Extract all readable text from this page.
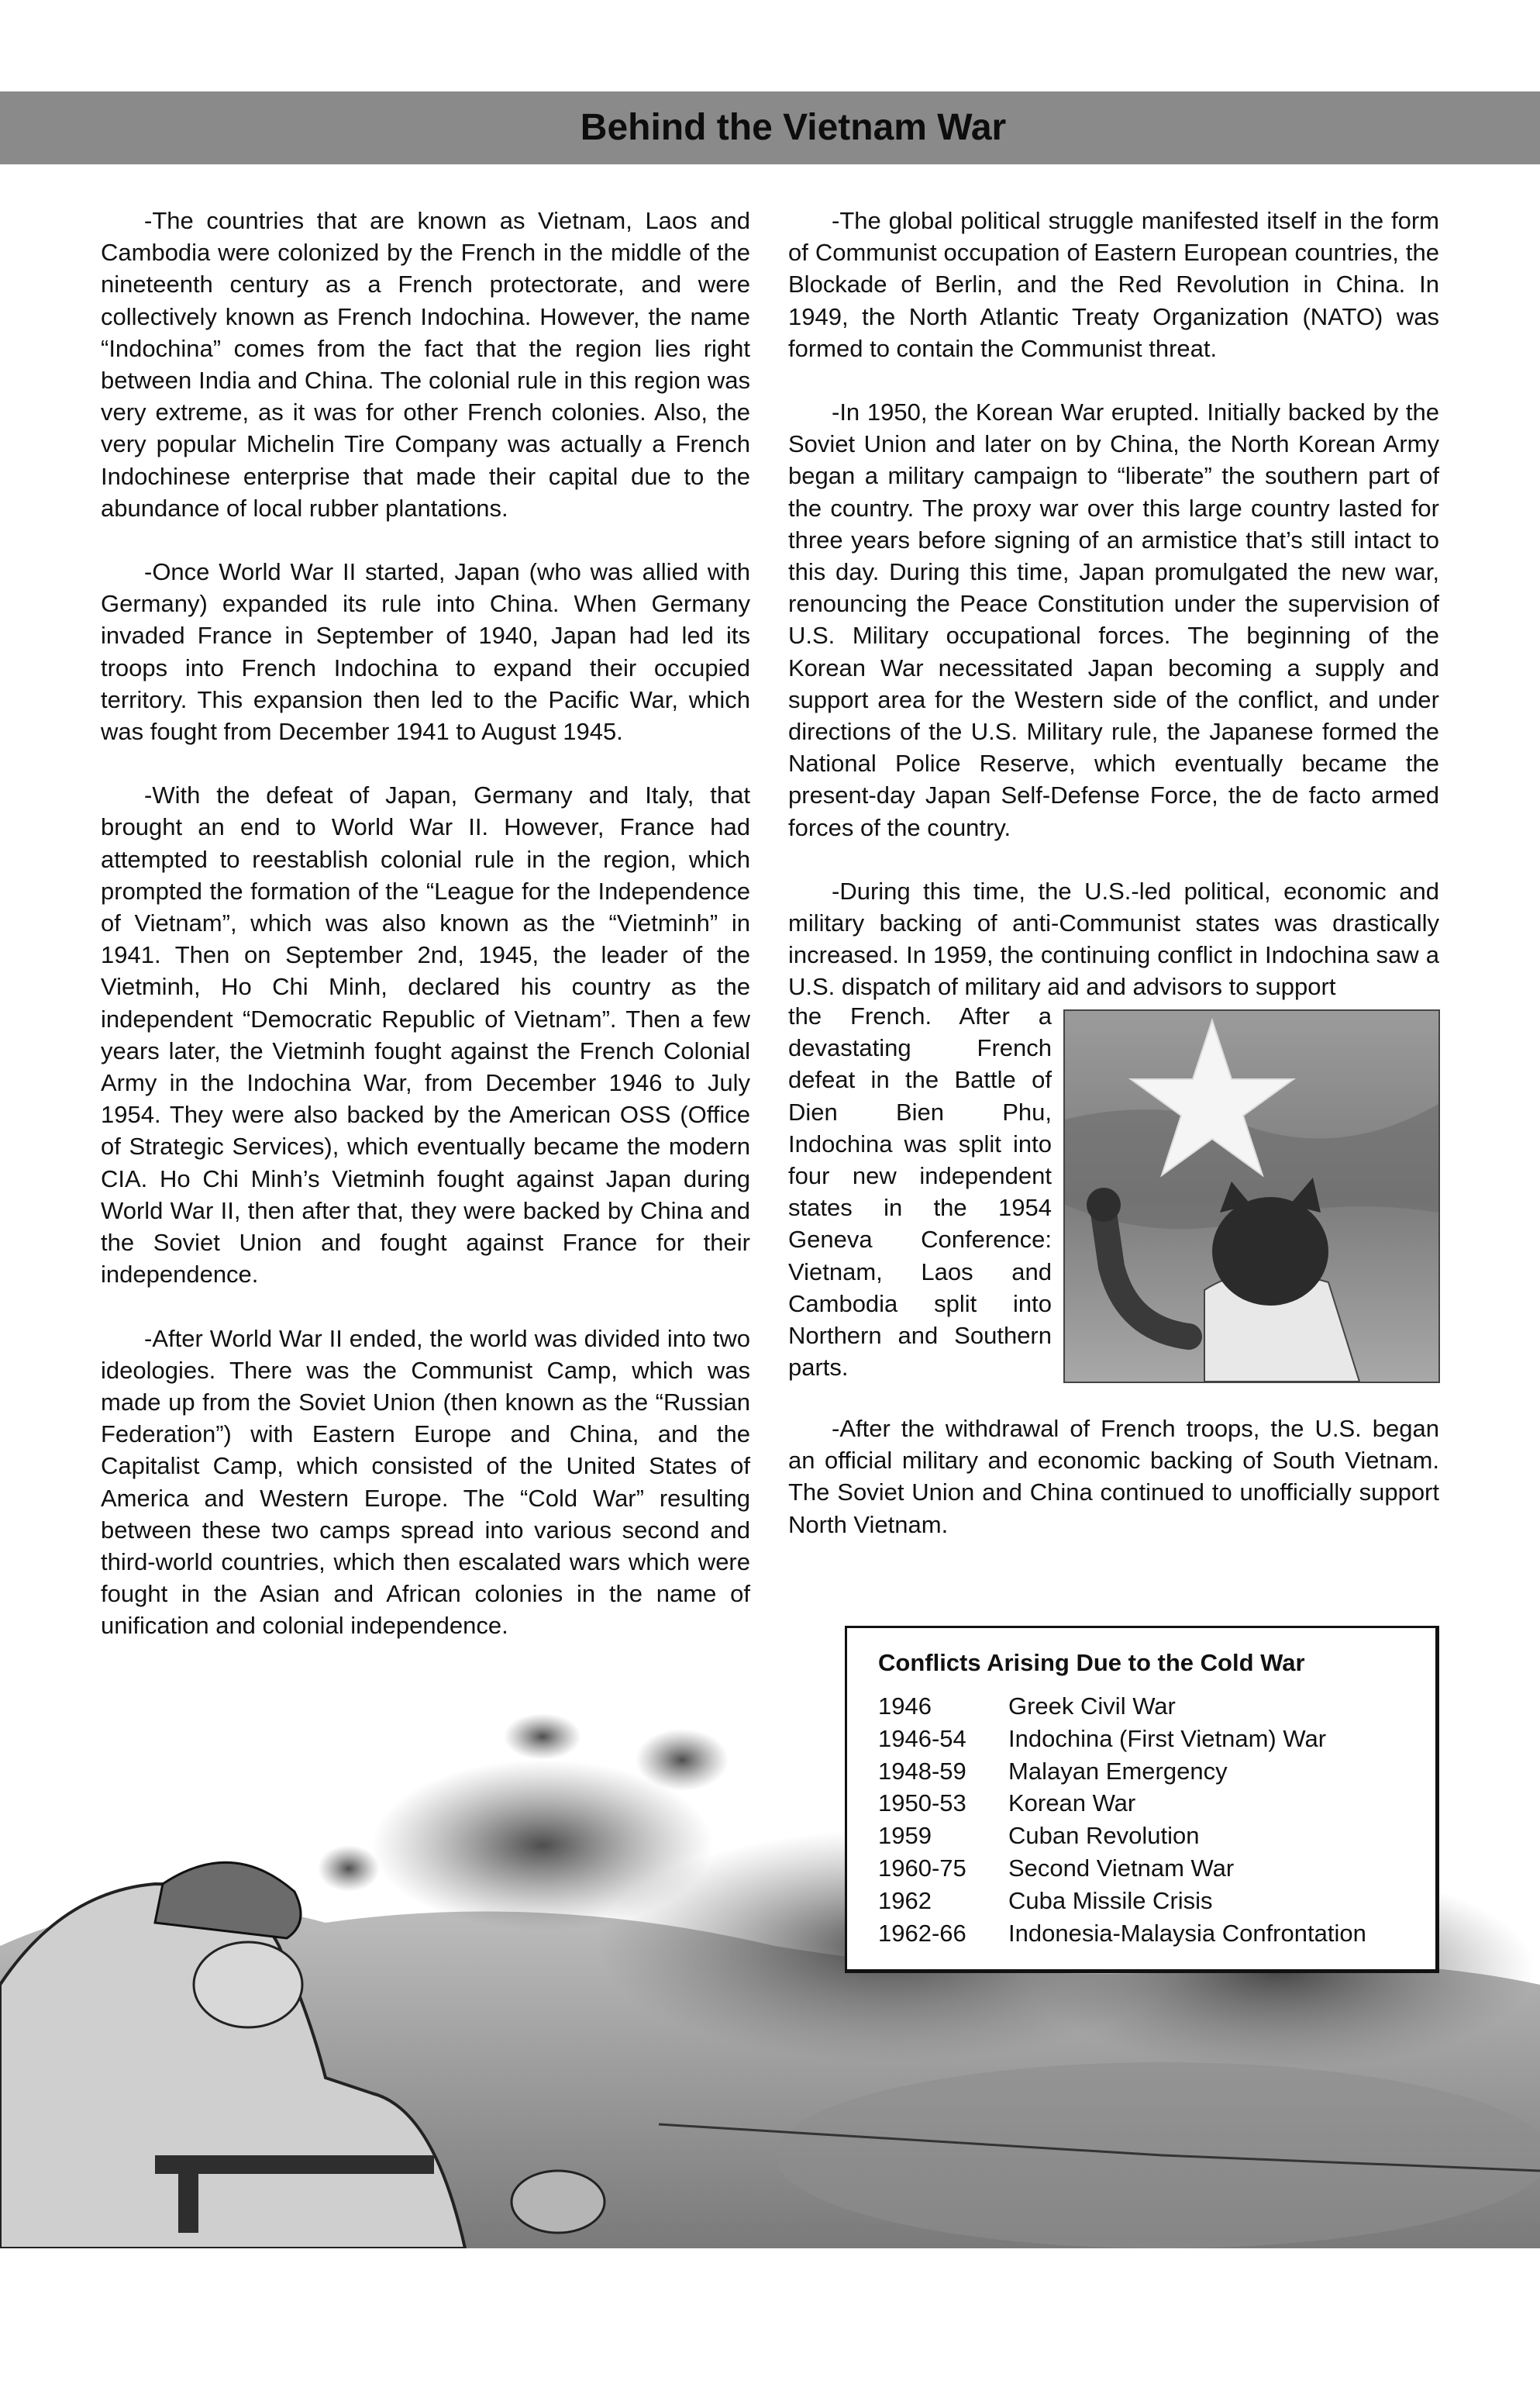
Behind the Vietnam War

-The countries that are known as Vietnam, Laos and Cambodia were colonized by the French in the middle of the nineteenth century as a French protectorate, and were collectively known as French Indochina. However, the name “Indochina” comes from the fact that the region lies right between India and China. The colonial rule in this region was very extreme, as it was for other French colonies. Also, the very popular Michelin Tire Company was actually a French Indochinese enterprise that made their capital due to the abundance of local rubber plantations.

-Once World War II started, Japan (who was allied with Germany) expanded its rule into China. When Germany invaded France in September of 1940, Japan had led its troops into French Indochina to expand their occupied territory. This expansion then led to the Pacific War, which was fought from December 1941 to August 1945.

-With the defeat of Japan, Germany and Italy, that brought an end to World War II. However, France had attempted to reestablish colonial rule in the region, which prompted the formation of the “League for the Independence of Vietnam”, which was also known as the “Vietminh” in 1941. Then on September 2nd, 1945, the leader of the Vietminh, Ho Chi Minh, declared his country as the independent “Democratic Republic of Vietnam”. Then a few years later, the Vietminh fought against the French Colonial Army in the Indochina War, from December 1946 to July 1954. They were also backed by the American OSS (Office of Strategic Services), which eventually became the modern CIA. Ho Chi Minh’s Vietminh fought against Japan during World War II, then after that, they were backed by China and the Soviet Union and fought against France for their independence.

-After World War II ended, the world was divided into two ideologies. There was the Communist Camp, which was made up from the Soviet Union (then known as the “Russian Federation”) with Eastern Europe and China, and the Capitalist Camp, which consisted of the United States of America and Western Europe. The “Cold War” resulting between these two camps spread into various second and third-world countries, which then escalated wars which were fought in the Asian and African colonies in the name of unification and colonial independence.

-The global political struggle manifested itself in the form of Communist occupation of Eastern European countries, the Blockade of Berlin, and the Red Revolution in China. In 1949, the North Atlantic Treaty Organization (NATO) was formed to contain the Communist threat.

-In 1950, the Korean War erupted. Initially backed by the Soviet Union and later on by China, the North Korean Army began a military campaign to “liberate” the southern part of the country. The proxy war over this large country lasted for three years before signing of an armistice that’s still intact to this day. During this time, Japan promulgated the new war, renouncing the Peace Constitution under the supervision of U.S. Military occupational forces. The beginning of the Korean War necessitated Japan becoming a supply and support area for the Western side of the conflict, and under directions of the U.S. Military rule, the Japanese formed the National Police Reserve, which eventually became the present-day Japan Self-Defense Force, the de facto armed forces of the country.

-During this time, the U.S.-led political, economic and military backing of anti-Communist states was drastically increased. In 1959, the continuing conflict in Indochina saw a U.S. dispatch of military aid and advisors to support

the French. After a devastating French defeat in the Battle of Dien Bien Phu, Indochina was split into four new independent states in the 1954 Geneva Conference: Vietnam, Laos and Cambodia split into Northern and Southern parts.

-After the withdrawal of French troops, the U.S. began an official military and economic backing of South Vietnam. The Soviet Union and China continued to unofficially support North Vietnam.

Conflicts Arising Due to the Cold War
1946	Greek Civil War
1946-54	Indochina (First Vietnam) War
1948-59	Malayan Emergency
1950-53	Korean War
1959	Cuban Revolution
1960-75	Second Vietnam War
1962	Cuba Missile Crisis
1962-66	Indonesia-Malaysia Confrontation
